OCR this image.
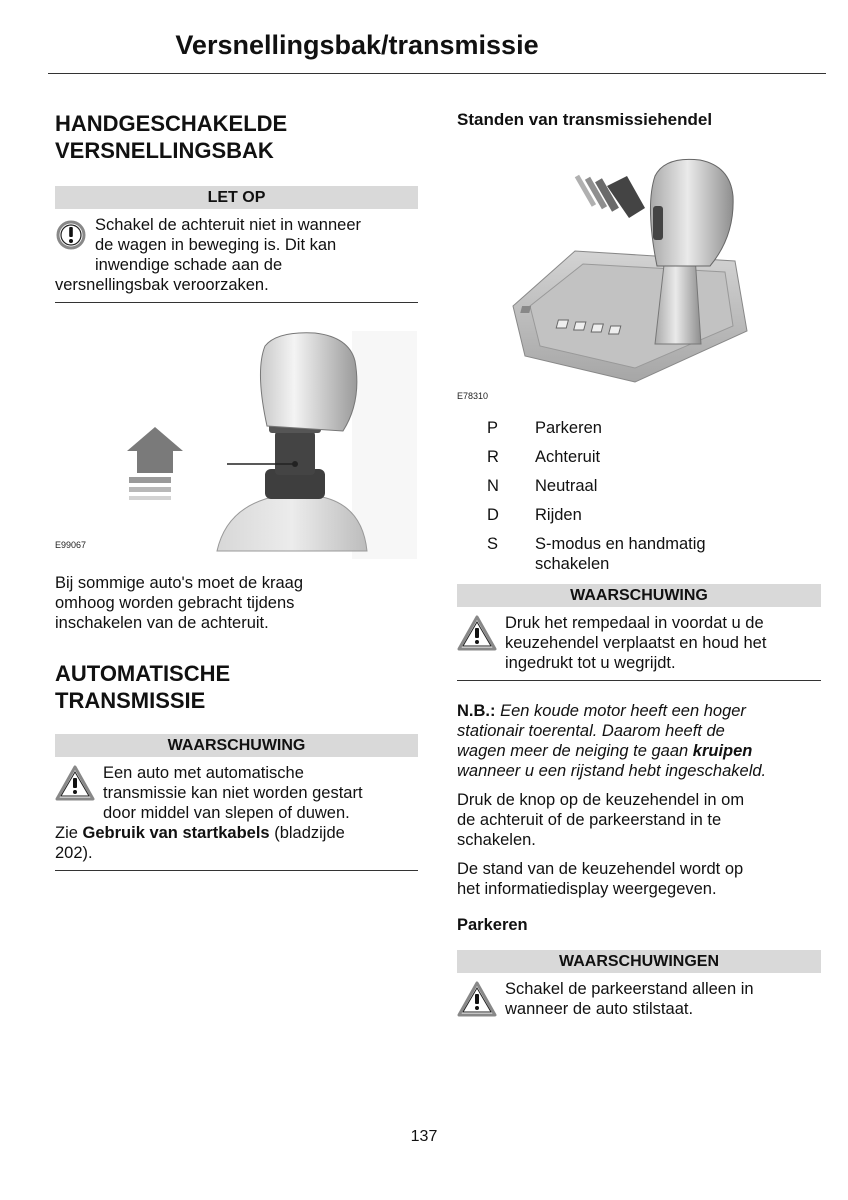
Versnellingsbak/transmissie
HANDGESCHAKELDE
VERSNELLINGSBAK
LET OP
Schakel de achteruit niet in wanneer
de wagen in beweging is. Dit kan
inwendige schade aan de
versnellingsbak veroorzaken.
E99067

Bij sommige auto's moet de kraag

omhoog worden gebracht tijdens

inschakelen van de achteruit.

AUTOMATISCHE
TRANSMISSIE
WAARSCHUWING
Een auto met automatische
transmissie kan niet worden gestart
door middel van slepen of duwen.
Zie Gebruik van startkabels (bladzijde
202).
Standen van transmissiehendel
E78310
P	Parkeren
R	Achteruit
N	Neutraal
D	Rijden
S	S-modus en handmatig
schakelen
WAARSCHUWING
Druk het rempedaal in voordat u de
keuzehendel verplaatst en houd het
ingedrukt tot u wegrijdt.

N.B.: Een koude motor heeft een hoger

stationair toerental. Daarom heeft de

wagen meer de neiging te gaan kruipen

wanneer u een rijstand hebt ingeschakeld.

Druk de knop op de keuzehendel in om

de achteruit of de parkeerstand in te

schakelen.

De stand van de keuzehendel wordt op

het informatiedisplay weergegeven.

Parkeren
WAARSCHUWINGEN
Schakel de parkeerstand alleen in
wanneer de auto stilstaat.
137
